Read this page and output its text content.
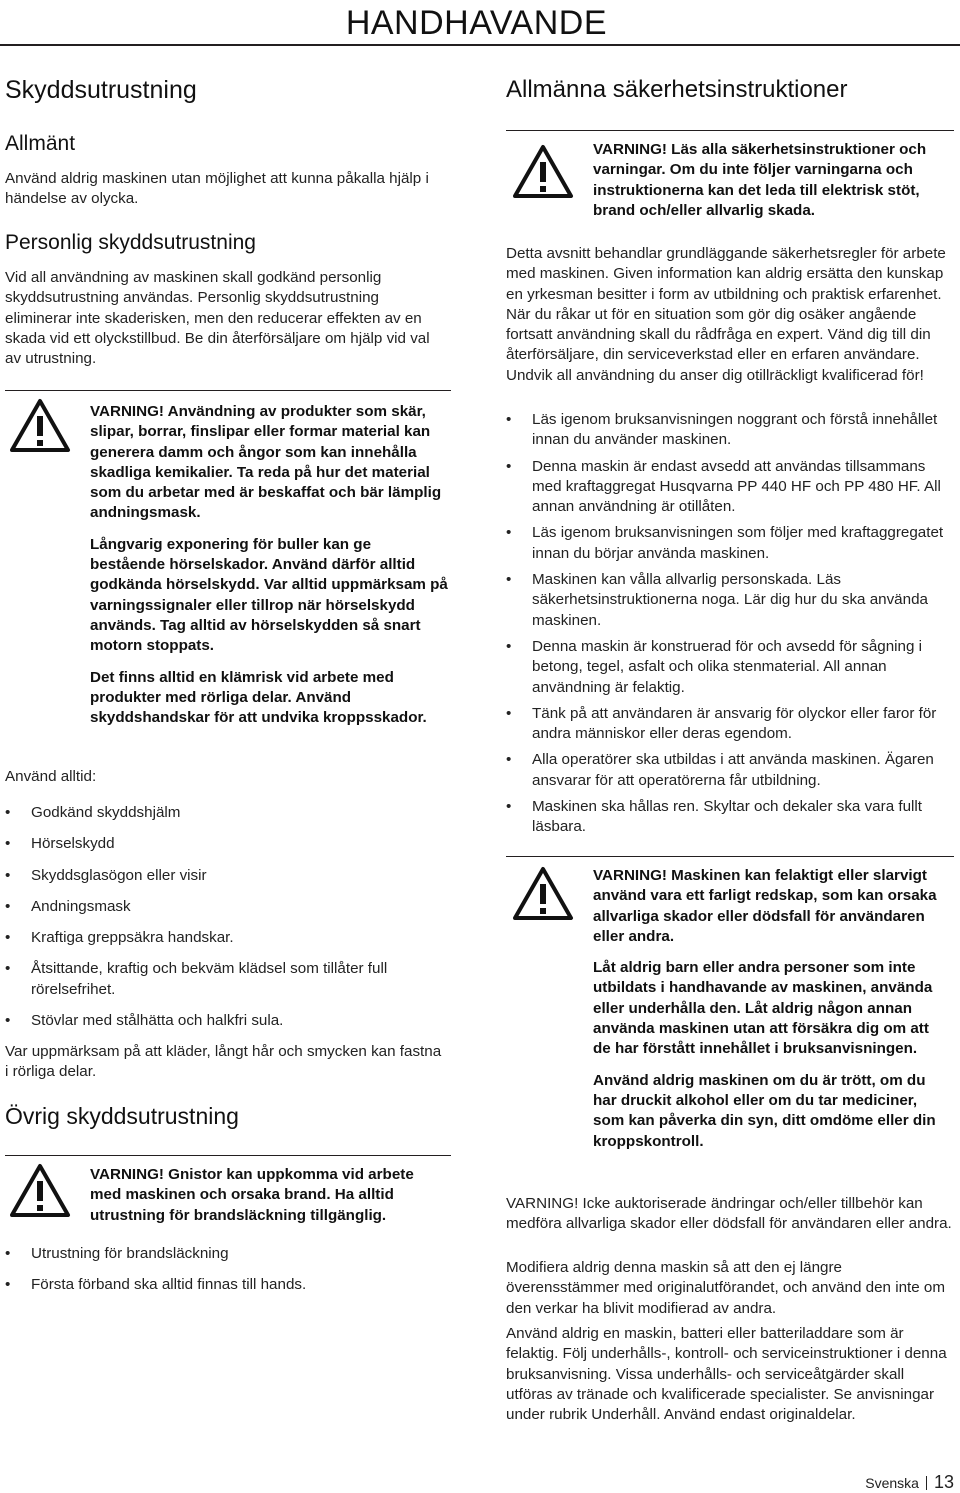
HANDHAVANDE
Skyddsutrustning
Allmänt
Använd aldrig maskinen utan möjlighet att kunna påkalla hjälp i händelse av olycka.
Personlig skyddsutrustning
Vid all användning av maskinen skall godkänd personlig skyddsutrustning användas. Personlig skyddsutrustning eliminerar inte skaderisken, men den reducerar effekten av en skada vid ett olyckstillbud. Be din återförsäljare om hjälp vid val av utrustning.

VARNING! Användning av produkter som skär, slipar, borrar, finslipar eller formar material kan generera damm och ångor som kan innehålla skadliga kemikalier. Ta reda på hur det material som du arbetar med är beskaffat och bär lämplig andningsmask.

Långvarig exponering för buller kan ge bestående hörselskador. Använd därför alltid godkända hörselskydd. Var alltid uppmärksam på varningssignaler eller tillrop när hörselskydd används. Tag alltid av hörselskydden så snart motorn stoppats.

Det finns alltid en klämrisk vid arbete med produkter med rörliga delar. Använd skyddshandskar för att undvika kroppsskador.

Använd alltid:
• Godkänd skyddshjälm
• Hörselskydd
• Skyddsglasögon eller visir
• Andningsmask
• Kraftiga greppsäkra handskar.
• Åtsittande, kraftig och bekväm klädsel som tillåter full rörelsefrihet.
• Stövlar med stålhätta och halkfri sula.
Var uppmärksam på att kläder, långt hår och smycken kan fastna i rörliga delar.
Övrig skyddsutrustning
VARNING! Gnistor kan uppkomma vid arbete med maskinen och orsaka brand. Ha alltid utrustning för brandsläckning tillgänglig.
• Utrustning för brandsläckning
• Första förband ska alltid finnas till hands.
Allmänna säkerhetsinstruktioner
VARNING! Läs alla säkerhetsinstruktioner och varningar. Om du inte följer varningarna och instruktionerna kan det leda till elektrisk stöt, brand och/eller allvarlig skada.
Detta avsnitt behandlar grundläggande säkerhetsregler för arbete med maskinen. Given information kan aldrig ersätta den kunskap en yrkesman besitter i form av utbildning och praktisk erfarenhet. När du råkar ut för en situation som gör dig osäker angående fortsatt användning skall du rådfråga en expert. Vänd dig till din återförsäljare, din serviceverkstad eller en erfaren användare. Undvik all användning du anser dig otillräckligt kvalificerad för!
• Läs igenom bruksanvisningen noggrant och förstå innehållet innan du använder maskinen.
• Denna maskin är endast avsedd att användas tillsammans med kraftaggregat Husqvarna PP 440 HF och PP 480 HF. All annan användning är otillåten.
• Läs igenom bruksanvisningen som följer med kraftaggregatet innan du börjar använda maskinen.
• Maskinen kan vålla allvarlig personskada. Läs säkerhetsinstruktionerna noga. Lär dig hur du ska använda maskinen.
• Denna maskin är konstruerad för och avsedd för sågning i betong, tegel, asfalt och olika stenmaterial. All annan användning är felaktig.
• Tänk på att användaren är ansvarig för olyckor eller faror för andra människor eller deras egendom.
• Alla operatörer ska utbildas i att använda maskinen. Ägaren ansvarar för att operatörerna får utbildning.
• Maskinen ska hållas ren. Skyltar och dekaler ska vara fullt läsbara.

VARNING! Maskinen kan felaktigt eller slarvigt använd vara ett farligt redskap, som kan orsaka allvarliga skador eller dödsfall för användaren eller andra.

Låt aldrig barn eller andra personer som inte utbildats i handhavande av maskinen, använda eller underhålla den. Låt aldrig någon annan använda maskinen utan att försäkra dig om att de har förstått innehållet i bruksanvisningen.

Använd aldrig maskinen om du är trött, om du har druckit alkohol eller om du tar mediciner, som kan påverka din syn, ditt omdöme eller din kroppskontroll.

VARNING! Icke auktoriserade ändringar och/eller tillbehör kan medföra allvarliga skador eller dödsfall för användaren eller andra.
Modifiera aldrig denna maskin så att den ej längre överensstämmer med originalutförandet, och använd den inte om den verkar ha blivit modifierad av andra.
Använd aldrig en maskin, batteri eller batteriladdare som är felaktig. Följ underhålls-, kontroll- och serviceinstruktioner i denna bruksanvisning. Vissa underhålls- och serviceåtgärder skall utföras av tränade och kvalificerade specialister. Se anvisningar under rubrik Underhåll. Använd endast originaldelar.
Svenska 13
